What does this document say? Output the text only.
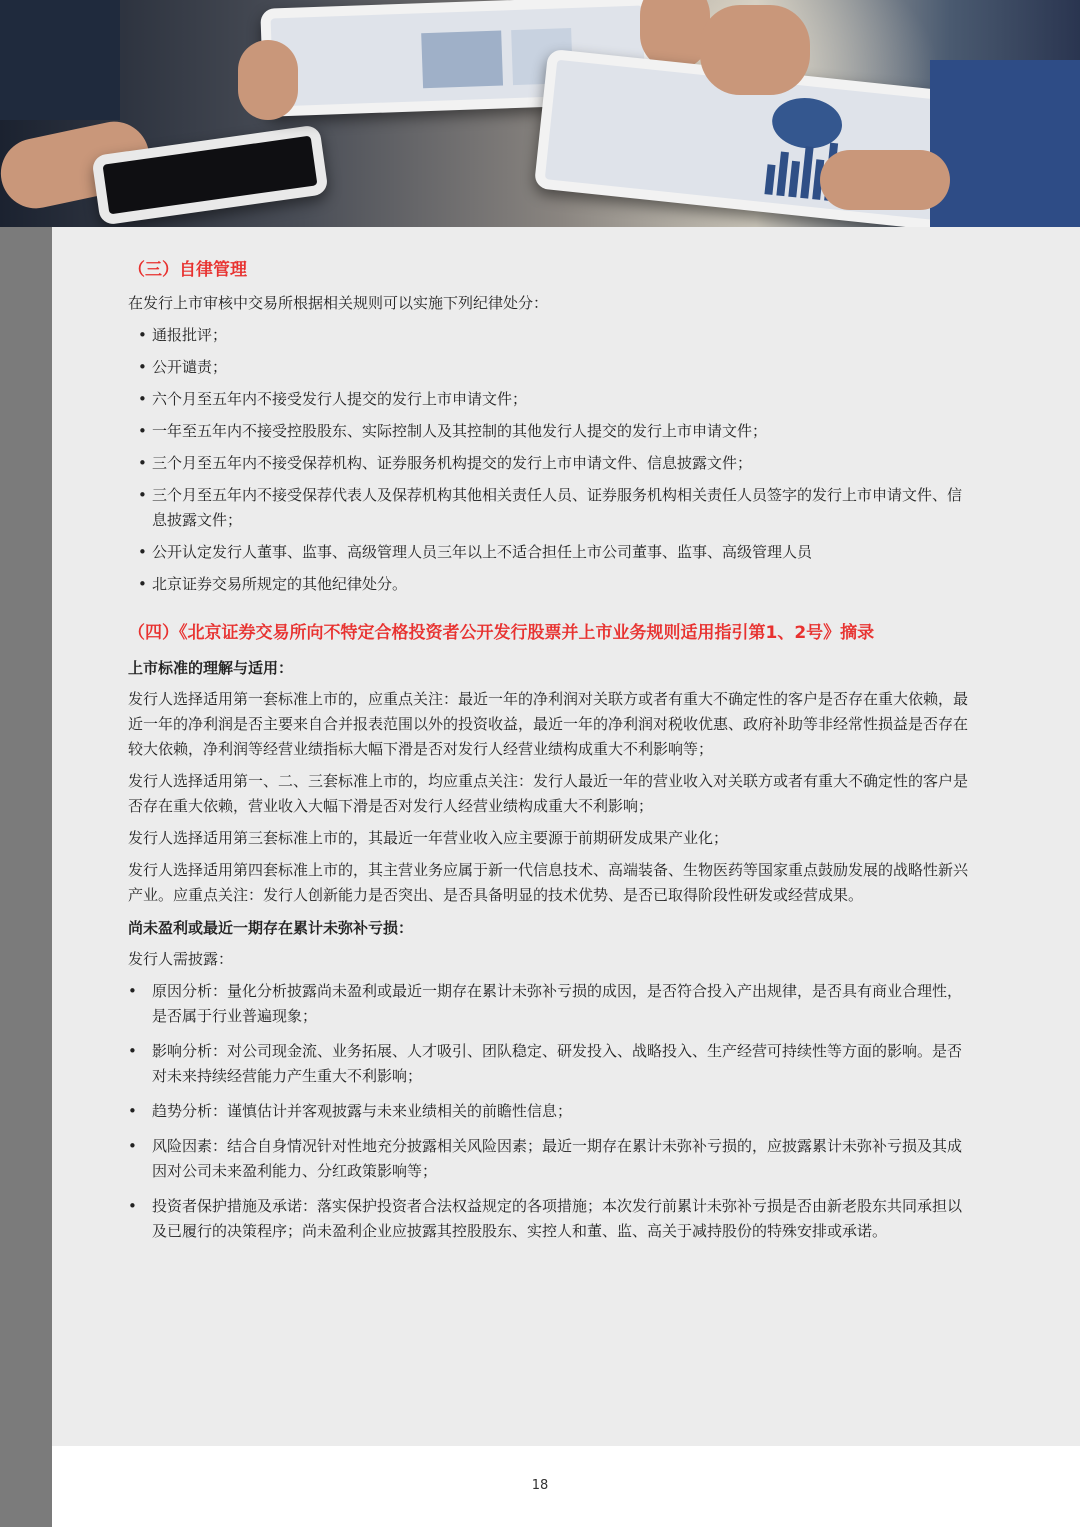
（三）自律管理
在发行上市审核中交易所根据相关规则可以实施下列纪律处分：
• 通报批评；
• 公开谴责；
• 六个月至五年内不接受发行人提交的发行上市申请文件；
• 一年至五年内不接受控股股东、实际控制人及其控制的其他发行人提交的发行上市申请文件；
• 三个月至五年内不接受保荐机构、证券服务机构提交的发行上市申请文件、信息披露文件；
• 三个月至五年内不接受保荐代表人及保荐机构其他相关责任人员、证券服务机构相关责任人员签字的发行上市申请文件、信息披露文件；
• 公开认定发行人董事、监事、高级管理人员三年以上不适合担任上市公司董事、监事、高级管理人员
• 北京证券交易所规定的其他纪律处分。
（四）《北京证券交易所向不特定合格投资者公开发行股票并上市业务规则适用指引第1、2号》摘录
上市标准的理解与适用：
发行人选择适用第一套标准上市的，应重点关注：最近一年的净利润对关联方或者有重大不确定性的客户是否存在重大依赖，最近一年的净利润是否主要来自合并报表范围以外的投资收益，最近一年的净利润对税收优惠、政府补助等非经常性损益是否存在较大依赖，净利润等经营业绩指标大幅下滑是否对发行人经营业绩构成重大不利影响等；
发行人选择适用第一、二、三套标准上市的，均应重点关注：发行人最近一年的营业收入对关联方或者有重大不确定性的客户是否存在重大依赖，营业收入大幅下滑是否对发行人经营业绩构成重大不利影响；
发行人选择适用第三套标准上市的，其最近一年营业收入应主要源于前期研发成果产业化；
发行人选择适用第四套标准上市的，其主营业务应属于新一代信息技术、高端装备、生物医药等国家重点鼓励发展的战略性新兴产业。应重点关注：发行人创新能力是否突出、是否具备明显的技术优势、是否已取得阶段性研发或经营成果。
尚未盈利或最近一期存在累计未弥补亏损：
发行人需披露：
• 原因分析：量化分析披露尚未盈利或最近一期存在累计未弥补亏损的成因，是否符合投入产出规律，是否具有商业合理性，是否属于行业普遍现象；
• 影响分析：对公司现金流、业务拓展、人才吸引、团队稳定、研发投入、战略投入、生产经营可持续性等方面的影响。是否对未来持续经营能力产生重大不利影响；
• 趋势分析：谨慎估计并客观披露与未来业绩相关的前瞻性信息；
• 风险因素：结合自身情况针对性地充分披露相关风险因素；最近一期存在累计未弥补亏损的，应披露累计未弥补亏损及其成因对公司未来盈利能力、分红政策影响等；
• 投资者保护措施及承诺：落实保护投资者合法权益规定的各项措施；本次发行前累计未弥补亏损是否由新老股东共同承担以及已履行的决策程序；尚未盈利企业应披露其控股股东、实控人和董、监、高关于减持股份的特殊安排或承诺。
18
